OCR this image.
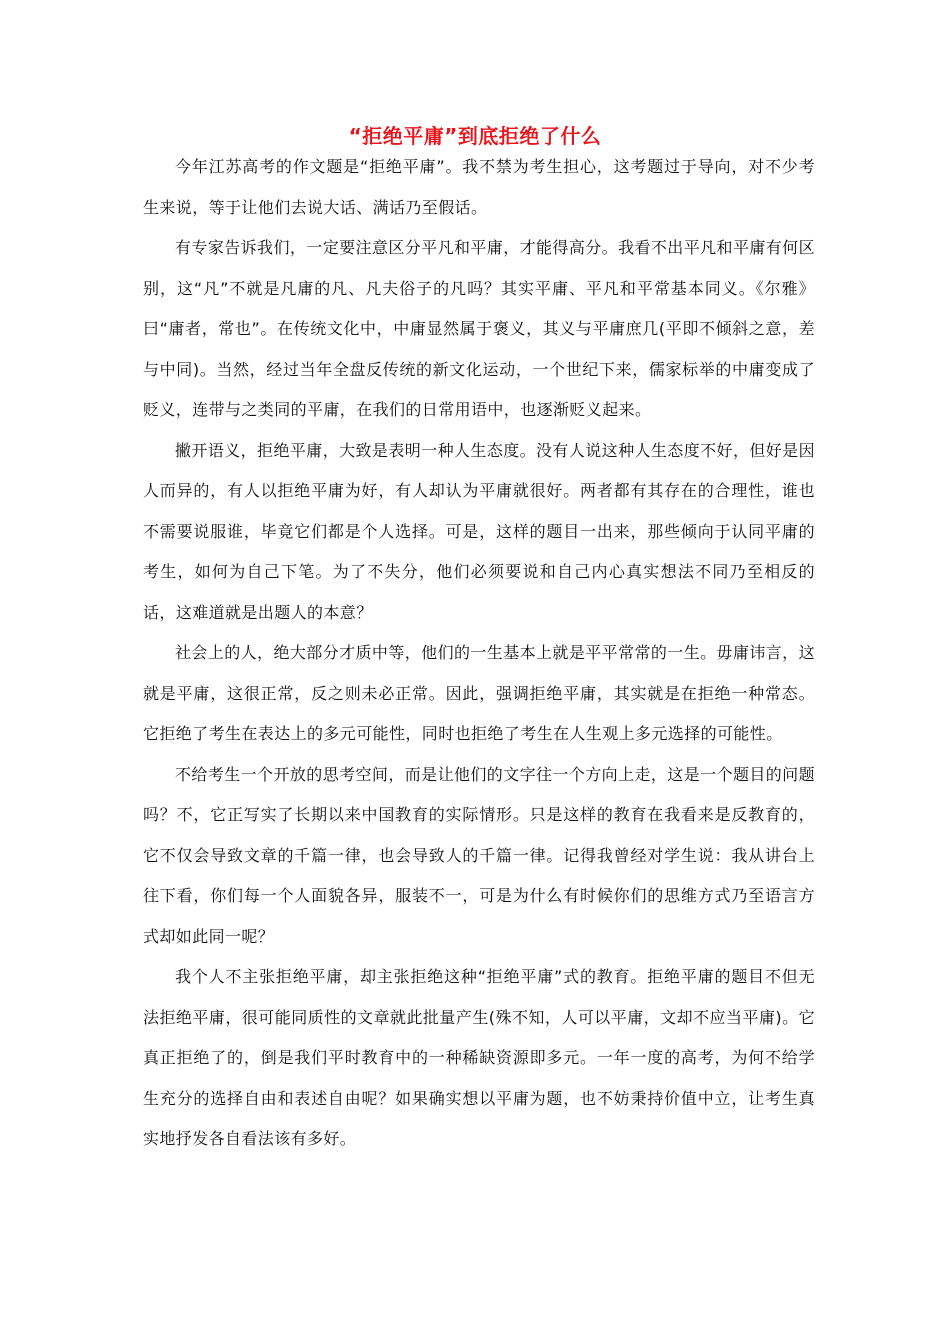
“拒绝平庸”到底拒绝了什么

今年江苏高考的作文题是“拒绝平庸”。我不禁为考生担心，这考题过于导向，对不少考生来说，等于让他们去说大话、满话乃至假话。

有专家告诉我们，一定要注意区分平凡和平庸，才能得高分。我看不出平凡和平庸有何区别，这“凡”不就是凡庸的凡、凡夫俗子的凡吗？其实平庸、平凡和平常基本同义。《尔雅》曰“庸者，常也”。在传统文化中，中庸显然属于褒义，其义与平庸庶几(平即不倾斜之意，差与中同)。当然，经过当年全盘反传统的新文化运动，一个世纪下来，儒家标举的中庸变成了贬义，连带与之类同的平庸，在我们的日常用语中，也逐渐贬义起来。

撇开语义，拒绝平庸，大致是表明一种人生态度。没有人说这种人生态度不好，但好是因人而异的，有人以拒绝平庸为好，有人却认为平庸就很好。两者都有其存在的合理性，谁也不需要说服谁，毕竟它们都是个人选择。可是，这样的题目一出来，那些倾向于认同平庸的考生，如何为自己下笔。为了不失分，他们必须要说和自己内心真实想法不同乃至相反的话，这难道就是出题人的本意？

社会上的人，绝大部分才质中等，他们的一生基本上就是平平常常的一生。毋庸讳言，这就是平庸，这很正常，反之则未必正常。因此，强调拒绝平庸，其实就是在拒绝一种常态。它拒绝了考生在表达上的多元可能性，同时也拒绝了考生在人生观上多元选择的可能性。

不给考生一个开放的思考空间，而是让他们的文字往一个方向上走，这是一个题目的问题吗？不，它正写实了长期以来中国教育的实际情形。只是这样的教育在我看来是反教育的，它不仅会导致文章的千篇一律，也会导致人的千篇一律。记得我曾经对学生说：我从讲台上往下看，你们每一个人面貌各异，服装不一，可是为什么有时候你们的思维方式乃至语言方式却如此同一呢？

我个人不主张拒绝平庸，却主张拒绝这种“拒绝平庸”式的教育。拒绝平庸的题目不但无法拒绝平庸，很可能同质性的文章就此批量产生(殊不知，人可以平庸，文却不应当平庸)。它真正拒绝了的，倒是我们平时教育中的一种稀缺资源即多元。一年一度的高考，为何不给学生充分的选择自由和表述自由呢？如果确实想以平庸为题，也不妨秉持价值中立，让考生真实地抒发各自看法该有多好。
